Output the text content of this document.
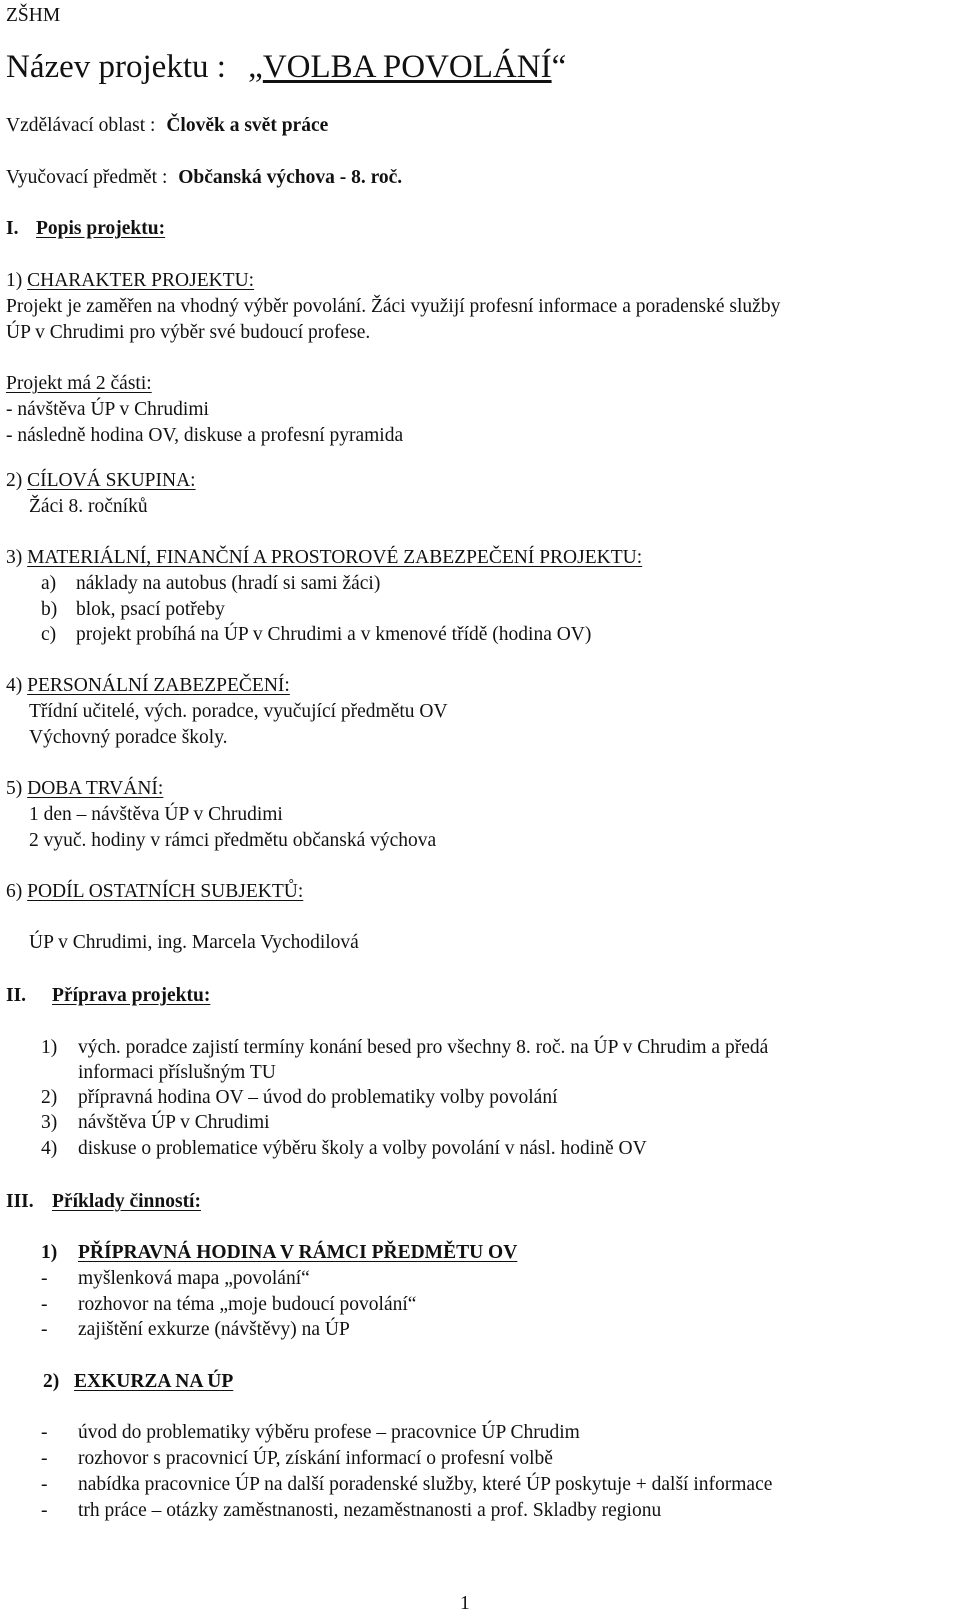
ZŠHM
Název projektu : „VOLBA POVOLÁNÍ“
Vzdělávací oblast : Člověk a svět práce
Vyučovací předmět : Občanská výchova - 8. roč.
I. Popis projektu:
1) CHARAKTER PROJEKTU:
Projekt je zaměřen na vhodný výběr povolání. Žáci využijí profesní informace a poradenské služby
ÚP v Chrudimi pro výběr své budoucí profese.
Projekt má 2 části:
- návštěva ÚP v Chrudimi
- následně hodina OV, diskuse a profesní pyramida
2) CÍLOVÁ SKUPINA:
Žáci 8. ročníků
3) MATERIÁLNÍ, FINANČNÍ A PROSTOROVÉ ZABEZPEČENÍ PROJEKTU:
a) náklady na autobus (hradí si sami žáci)
b) blok, psací potřeby
c) projekt probíhá na ÚP v Chrudimi a v kmenové třídě (hodina OV)
4) PERSONÁLNÍ ZABEZPEČENÍ:
Třídní učitelé, vých. poradce, vyučující předmětu OV
Výchovný poradce školy.
5) DOBA TRVÁNÍ:
1 den – návštěva ÚP v Chrudimi
2 vyuč. hodiny v rámci předmětu občanská výchova
6) PODÍL OSTATNÍCH SUBJEKTŮ:
ÚP v Chrudimi, ing. Marcela Vychodilová
II. Příprava projektu:
1) vých. poradce zajistí termíny konání besed pro všechny 8. roč. na ÚP v Chrudim a předá
informaci příslušným TU
2) přípravná hodina OV – úvod do problematiky volby povolání
3) návštěva ÚP v Chrudimi
4) diskuse o problematice výběru školy a volby povolání v násl. hodině OV
III. Příklady činností:
1) PŘÍPRAVNÁ HODINA V RÁMCI PŘEDMĚTU OV
- myšlenková mapa „povolání“
- rozhovor na téma „moje budoucí povolání“
- zajištění exkurze (návštěvy) na ÚP
2) EXKURZA NA ÚP
- úvod do problematiky výběru profese – pracovnice ÚP Chrudim
- rozhovor s pracovnicí ÚP, získání informací o profesní volbě
- nabídka pracovnice ÚP na další poradenské služby, které ÚP poskytuje + další informace
- trh práce – otázky zaměstnanosti, nezaměstnanosti a prof. Skladby regionu
1
